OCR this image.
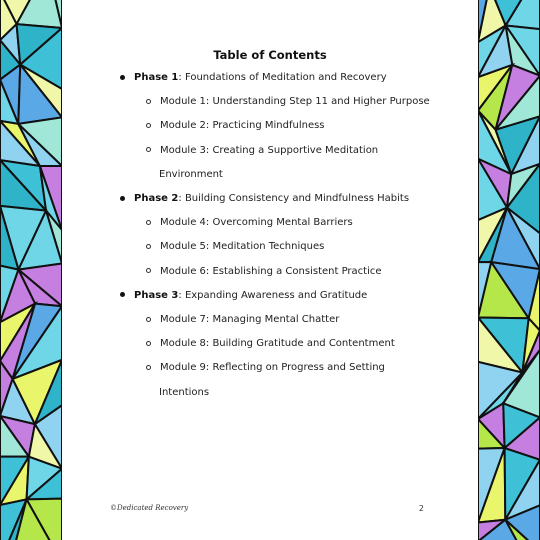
Table of Contents
Phase 1: Foundations of Meditation and Recovery
Module 1: Understanding Step 11 and Higher Purpose
Module 2: Practicing Mindfulness
Module 3: Creating a Supportive Meditation
Environment
Phase 2: Building Consistency and Mindfulness Habits
Module 4: Overcoming Mental Barriers
Module 5: Meditation Techniques
Module 6: Establishing a Consistent Practice
Phase 3: Expanding Awareness and Gratitude
Module 7: Managing Mental Chatter
Module 8: Building Gratitude and Contentment
Module 9: Reflecting on Progress and Setting
Intentions
©Dedicated Recovery	2
